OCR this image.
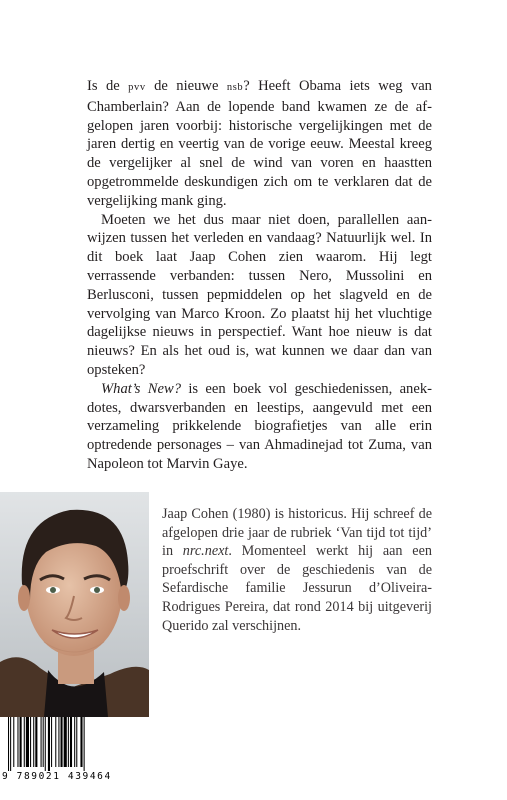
Is de pvv de nieuwe nsb? Heeft Obama iets weg van Chamberlain? Aan de lopende band kwamen ze de afgelopen jaren voorbij: historische vergelijkingen met de jaren dertig en veertig van de vorige eeuw. Meestal kreeg de vergelijker al snel de wind van voren en haastten opgetrommelde deskundigen zich om te verklaren dat de vergelijking mank ging.

Moeten we het dus maar niet doen, parallellen aanwijzen tussen het verleden en vandaag? Natuurlijk wel. In dit boek laat Jaap Cohen zien waarom. Hij legt verrassende verbanden: tussen Nero, Mussolini en Berlusconi, tussen pepmiddelen op het slagveld en de vervolging van Marco Kroon. Zo plaatst hij het vluchtige dagelijkse nieuws in perspectief. Want hoe nieuw is dat nieuws? En als het oud is, wat kunnen we daar dan van opsteken?

What’s New? is een boek vol geschiedenissen, anekdotes, dwarsverbanden en leestips, aangevuld met een verzameling prikkelende biografietjes van alle erin optredende personages – van Ahmadinejad tot Zuma, van Napoleon tot Marvin Gaye.

Jaap Cohen (1980) is historicus. Hij schreef de afgelopen drie jaar de rubriek ‘Van tijd tot tijd’ in nrc.next. Momenteel werkt hij aan een proefschrift over de geschiedenis van de Sefardische familie Jessurun d’Oliveira-Rodrigues Pereira, dat rond 2014 bij uitgeverij Querido zal verschijnen.

9 789021 439464
